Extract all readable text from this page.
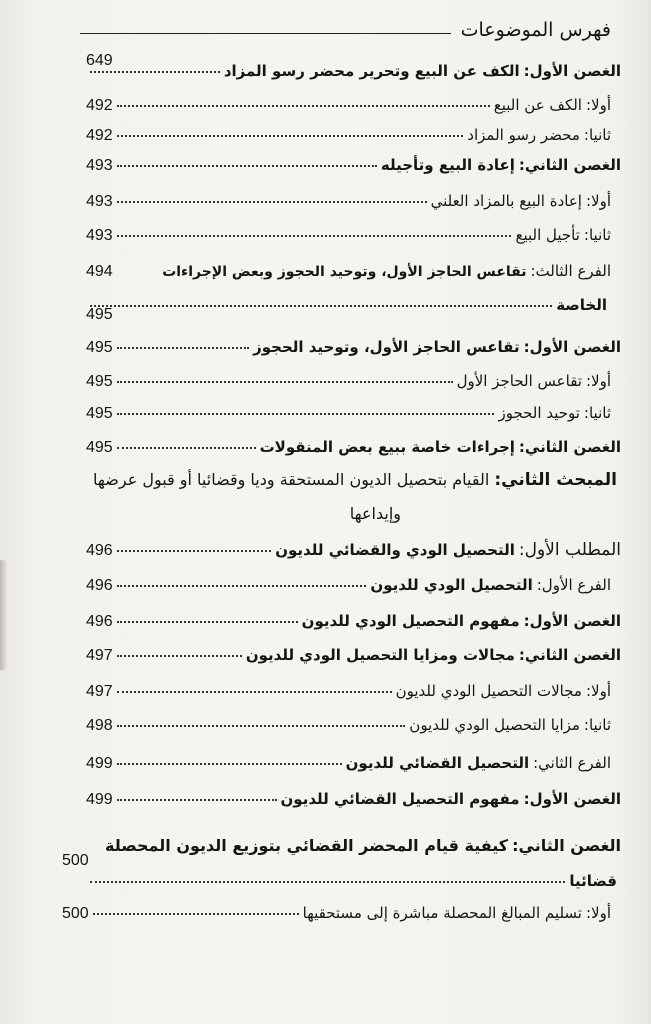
فهرس الموضوعات
الغصن الأول:
الكف عن البيع وتحرير محضر رسو المزاد
649
أولا:
الكف عن البيع
492
ثانيا:
محضر رسو المزاد
492
الغصن الثاني:
إعادة البيع وتأجيله
493
أولا:
إعادة البيع بالمزاد العلني
493
ثانيا:
تأجيل البيع
493
الفرع الثالث:
تقاعس الحاجز الأول، وتوحيد الحجوز وبعض الإجراءات
494
الخاصة
495
الغصن الأول:
تقاعس الحاجز الأول، وتوحيد الحجوز
495
أولا:
تقاعس الحاجز الأول
495
ثانيا:
توحيد الحجوز
495
الغصن الثاني:
إجراءات خاصة ببيع بعض المنقولات
495
المبحث الثاني: القيام بتحصيل الديون المستحقة وديا وقضائيا أو قبول عرضها
وإيداعها
المطلب الأول:
التحصيل الودي والقضائي للديون
496
الفرع الأول:
التحصيل الودي للديون
496
الغصن الأول:
مفهوم التحصيل الودي للديون
496
الغصن الثاني:
مجالات ومزايا التحصيل الودي للديون
497
أولا:
مجالات التحصيل الودي للديون
497
ثانيا:
مزايا التحصيل الودي للديون
498
الفرع الثاني:
التحصيل القضائي للديون
499
الغصن الأول:
مفهوم التحصيل القضائي للديون
499
الغصن الثاني:
كيفية قيام المحضر القضائي بتوزيع الديون المحصلة
قضائيا
500
أولا:
تسليم المبالغ المحصلة مباشرة إلى مستحقيها
500
